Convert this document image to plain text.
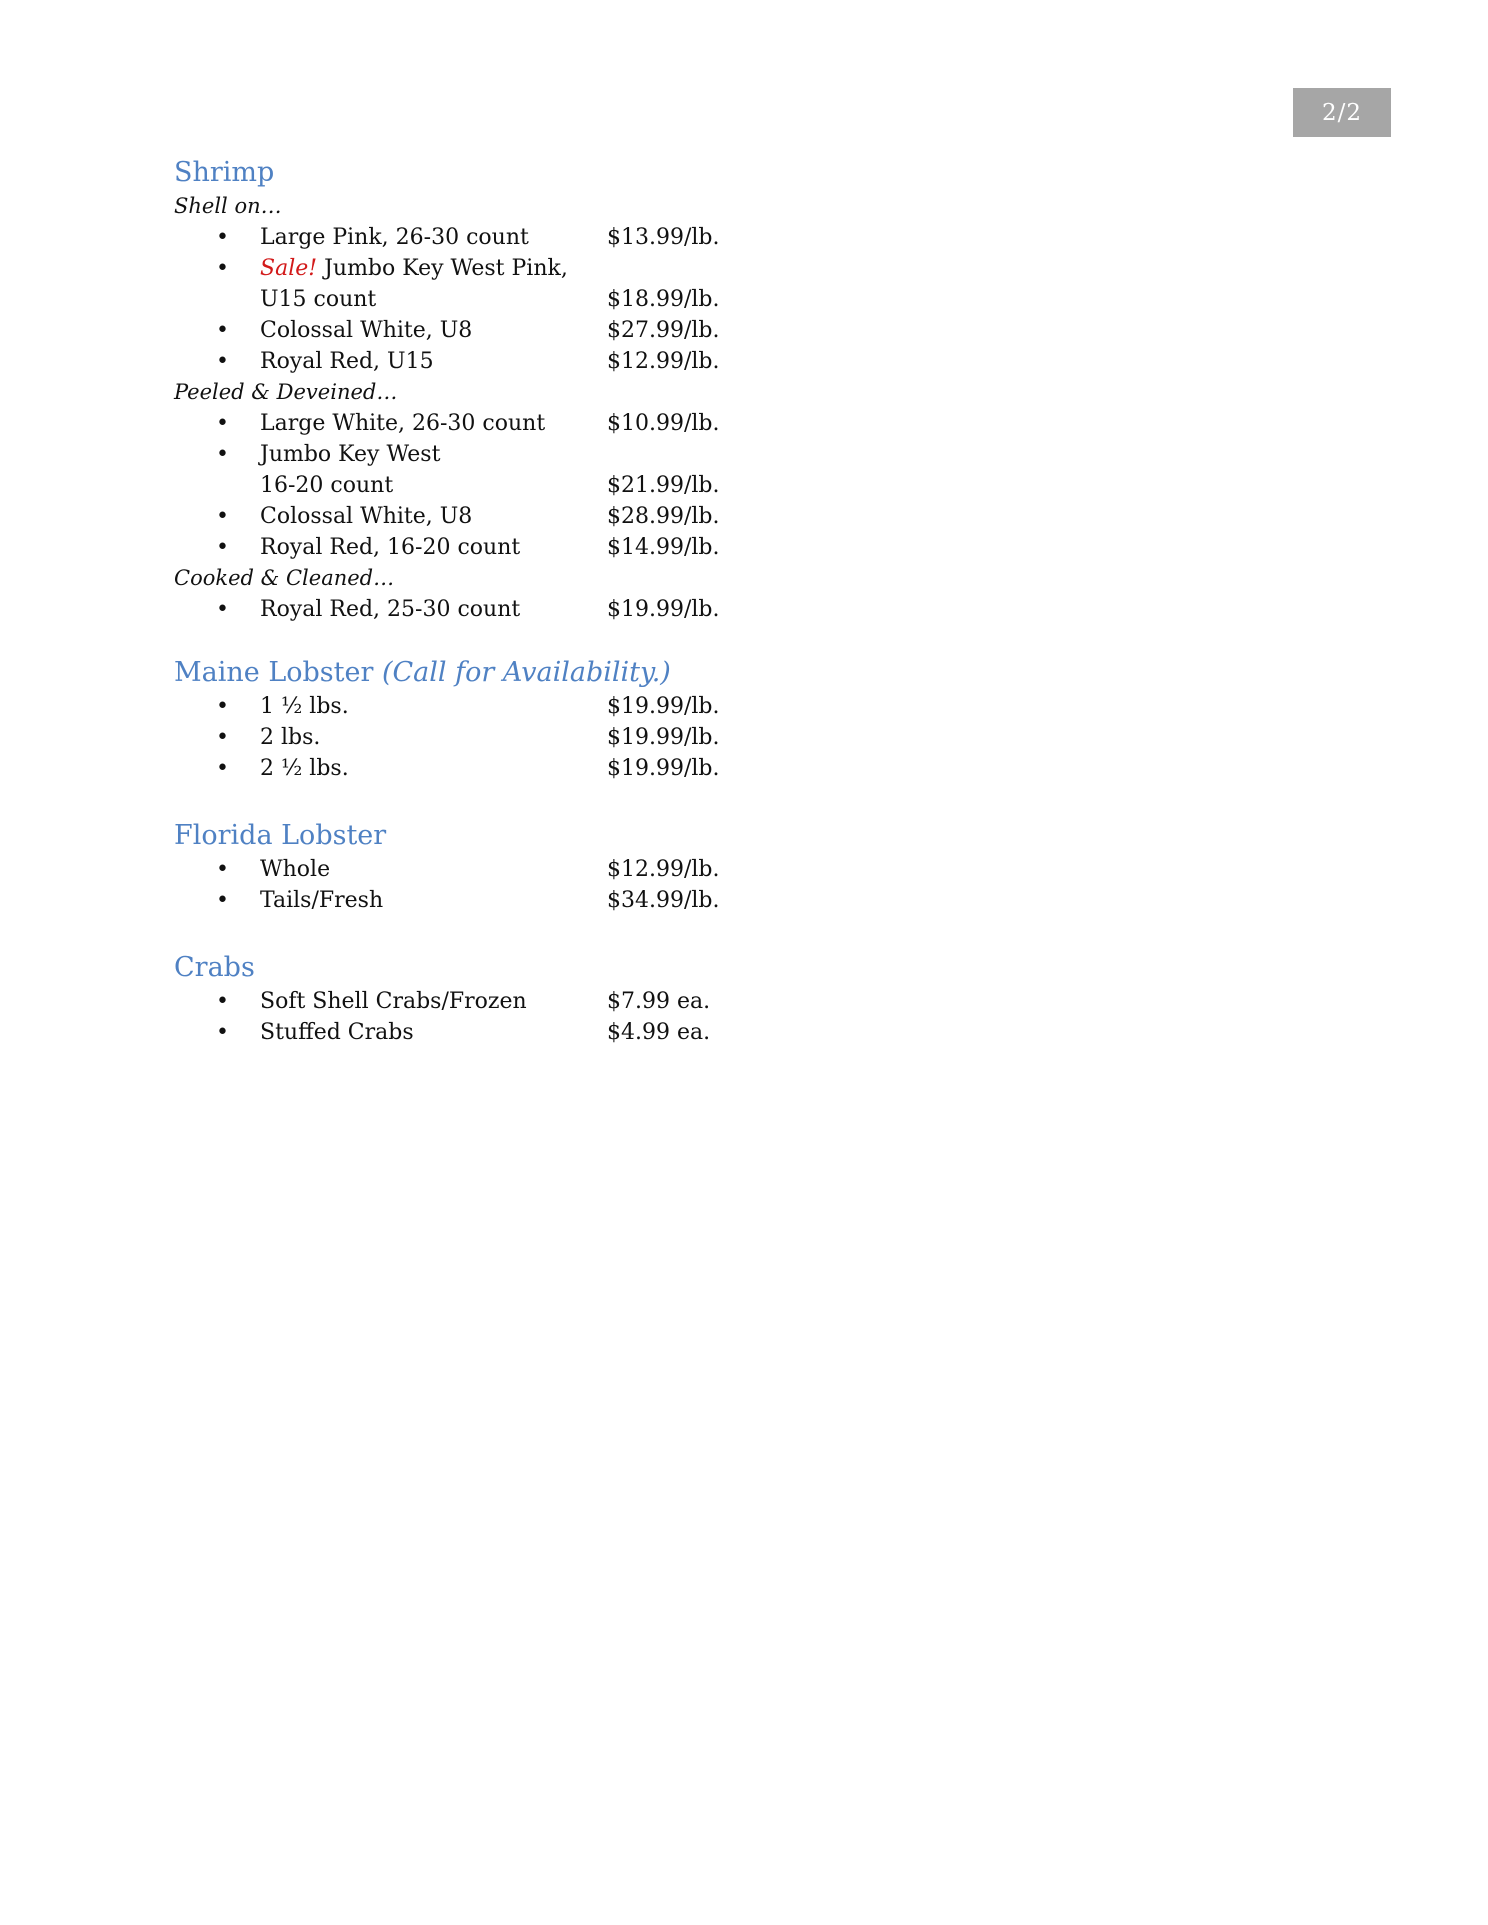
2/2
Shrimp

Shell on…

• Large Pink, 26-30 count	$13.99/lb.
• Sale! Jumbo Key West Pink,
U15 count	$18.99/lb.
• Colossal White, U8	$27.99/lb.
• Royal Red, U15	$12.99/lb.

Peeled & Deveined…

• Large White, 26-30 count	$10.99/lb.
• Jumbo Key West
16-20 count	$21.99/lb.
• Colossal White, U8	$28.99/lb.
• Royal Red, 16-20 count	$14.99/lb.

Cooked & Cleaned…

• Royal Red, 25-30 count	$19.99/lb.
Maine Lobster (Call for Availability.)
• 1 ½ lbs.	$19.99/lb.
• 2 lbs.	$19.99/lb.
• 2 ½ lbs.	$19.99/lb.
Florida Lobster
• Whole	$12.99/lb.
• Tails/Fresh	$34.99/lb.
Crabs
• Soft Shell Crabs/Frozen	$7.99 ea.
• Stuffed Crabs	$4.99 ea.
